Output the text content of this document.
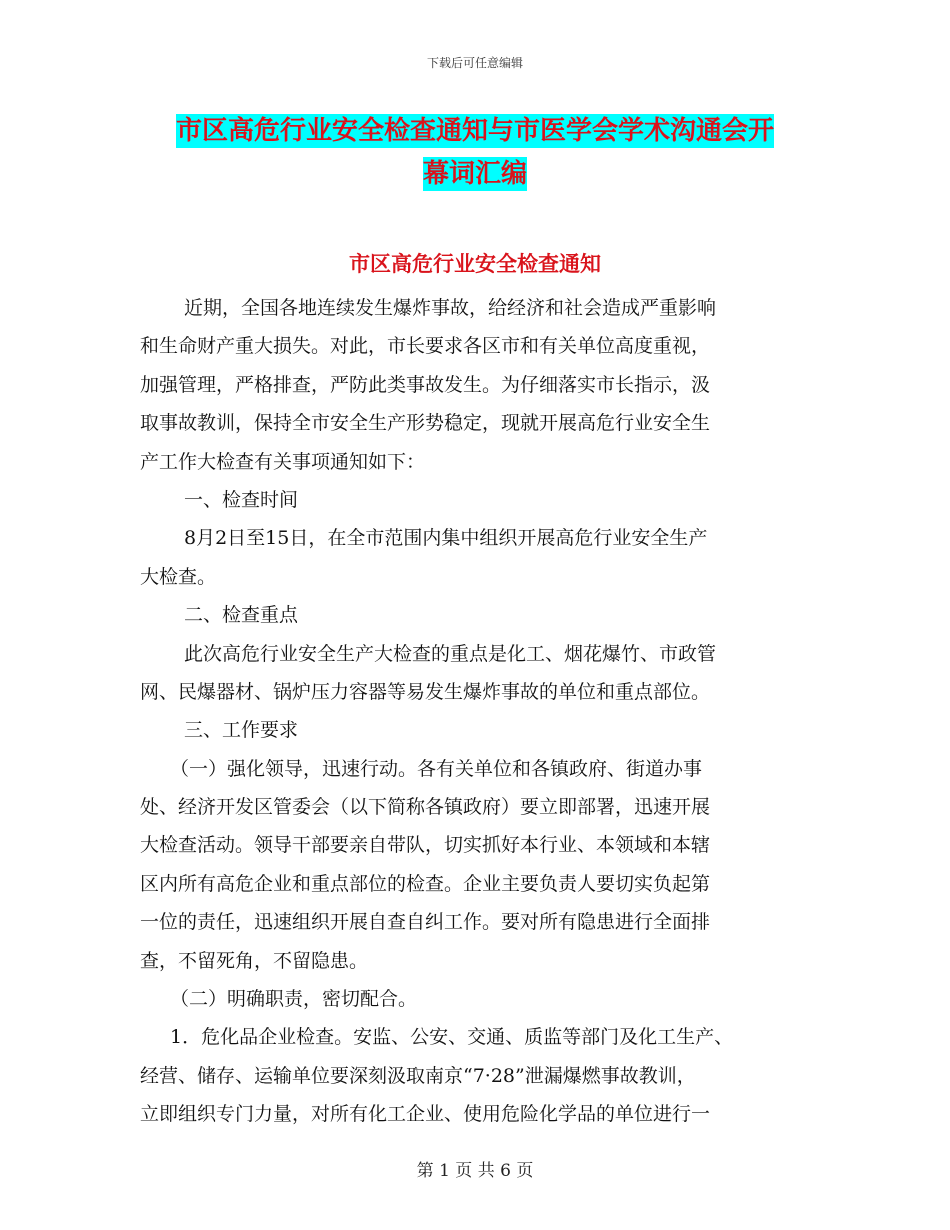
下载后可任意编辑
市区高危行业安全检查通知与市医学会学术沟通会开
幕词汇编
市区高危行业安全检查通知
近期，全国各地连续发生爆炸事故，给经济和社会造成严重影响
和生命财产重大损失。对此，市长要求各区市和有关单位高度重视，
加强管理，严格排查，严防此类事故发生。为仔细落实市长指示，汲
取事故教训，保持全市安全生产形势稳定，现就开展高危行业安全生
产工作大检查有关事项通知如下：
一、检查时间
8月2日至15日，在全市范围内集中组织开展高危行业安全生产
大检查。
二、检查重点
此次高危行业安全生产大检查的重点是化工、烟花爆竹、市政管
网、民爆器材、锅炉压力容器等易发生爆炸事故的单位和重点部位。
三、工作要求
（一）强化领导，迅速行动。各有关单位和各镇政府、街道办事
处、经济开发区管委会（以下简称各镇政府）要立即部署，迅速开展
大检查活动。领导干部要亲自带队，切实抓好本行业、本领域和本辖
区内所有高危企业和重点部位的检查。企业主要负责人要切实负起第
一位的责任，迅速组织开展自查自纠工作。要对所有隐患进行全面排
查，不留死角，不留隐患。
（二）明确职责，密切配合。
1．危化品企业检查。安监、公安、交通、质监等部门及化工生产、
经营、储存、运输单位要深刻汲取南京“7·28”泄漏爆燃事故教训，
立即组织专门力量，对所有化工企业、使用危险化学品的单位进行一
第 1 页 共 6 页
